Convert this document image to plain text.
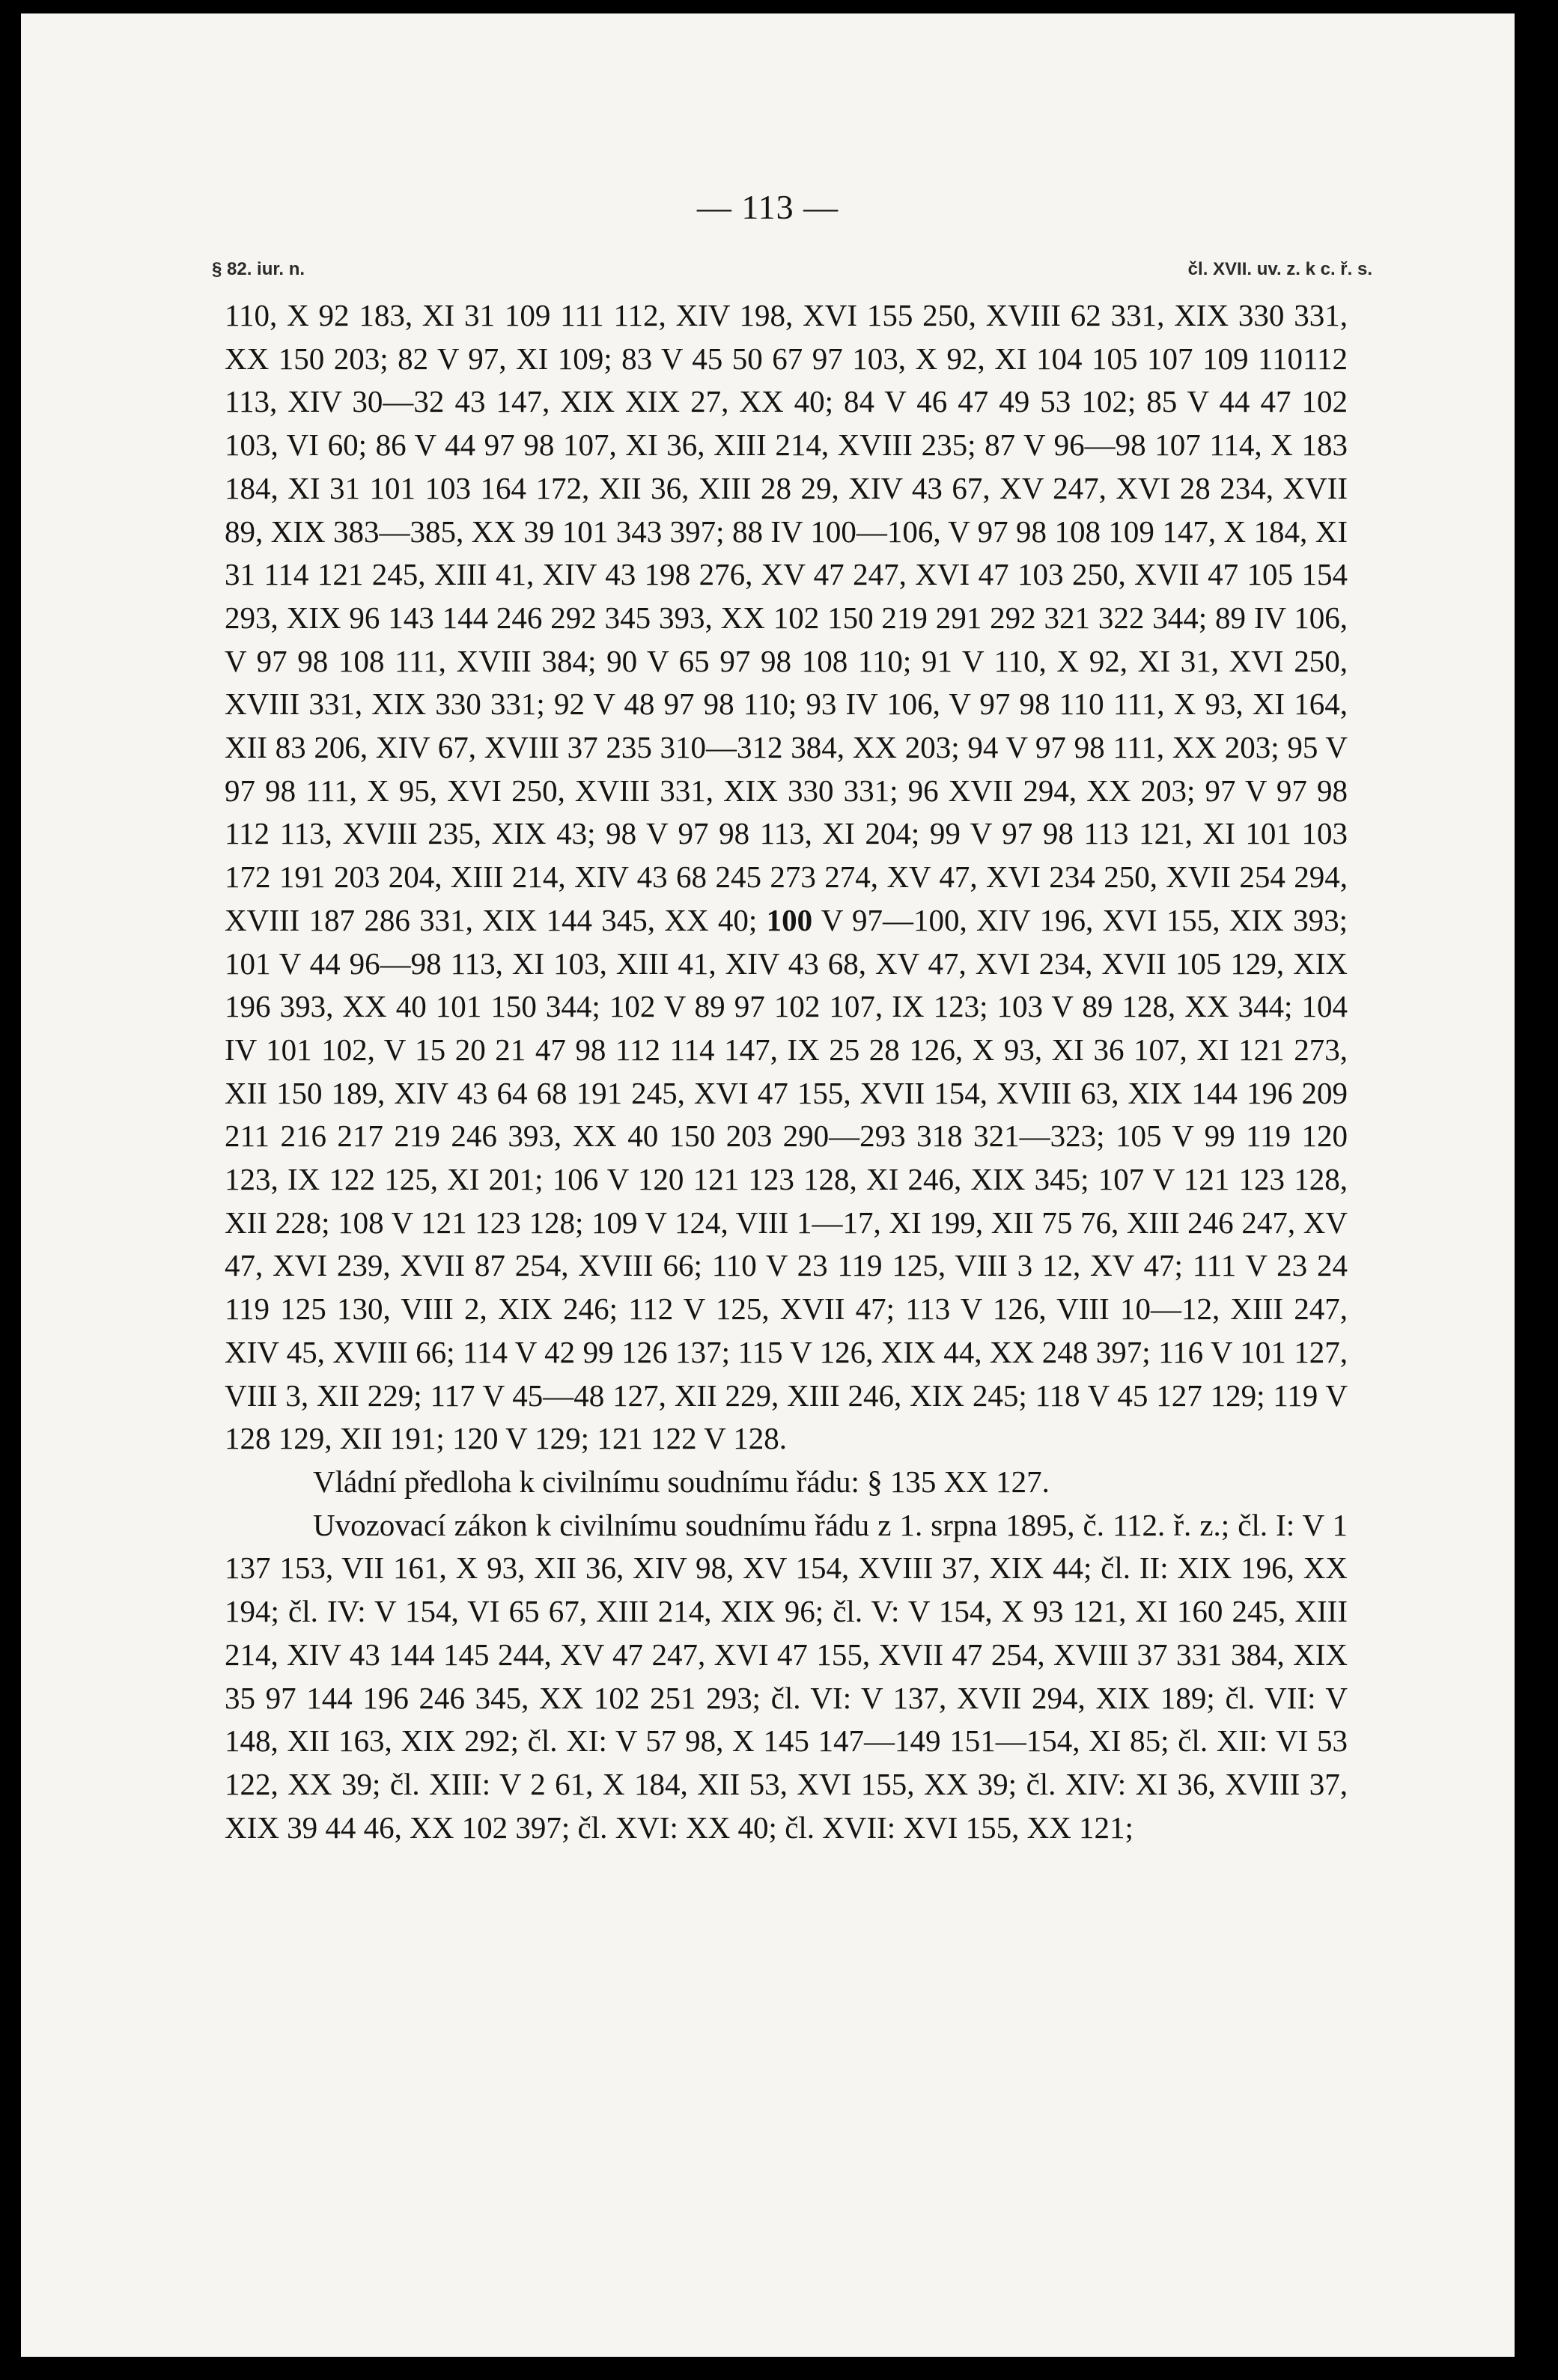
— 113 —
§ 82. iur. n.	čl. XVII. uv. z. k c. ř. s.

110, X 92 183, XI 31 109 111 112, XIV 198, XVI 155 250, XVIII 62 331, XIX 330 331, XX 150 203; 82 V 97, XI 109; 83 V 45 50 67 97 103, X 92, XI 104 105 107 109 110112 113, XIV 30—32 43 147, XIX XIX 27, XX 40; 84 V 46 47 49 53 102; 85 V 44 47 102 103, VI 60; 86 V 44 97 98 107, XI 36, XIII 214, XVIII 235; 87 V 96—98 107 114, X 183 184, XI 31 101 103 164 172, XII 36, XIII 28 29, XIV 43 67, XV 247, XVI 28 234, XVII 89, XIX 383—385, XX 39 101 343 397; 88 IV 100—106, V 97 98 108 109 147, X 184, XI 31 114 121 245, XIII 41, XIV 43 198 276, XV 47 247, XVI 47 103 250, XVII 47 105 154 293, XIX 96 143 144 246 292 345 393, XX 102 150 219 291 292 321 322 344; 89 IV 106, V 97 98 108 111, XVIII 384; 90 V 65 97 98 108 110; 91 V 110, X 92, XI 31, XVI 250, XVIII 331, XIX 330 331; 92 V 48 97 98 110; 93 IV 106, V 97 98 110 111, X 93, XI 164, XII 83 206, XIV 67, XVIII 37 235 310—312 384, XX 203; 94 V 97 98 111, XX 203; 95 V 97 98 111, X 95, XVI 250, XVIII 331, XIX 330 331; 96 XVII 294, XX 203; 97 V 97 98 112 113, XVIII 235, XIX 43; 98 V 97 98 113, XI 204; 99 V 97 98 113 121, XI 101 103 172 191 203 204, XIII 214, XIV 43 68 245 273 274, XV 47, XVI 234 250, XVII 254 294, XVIII 187 286 331, XIX 144 345, XX 40; 100 V 97—100, XIV 196, XVI 155, XIX 393; 101 V 44 96—98 113, XI 103, XIII 41, XIV 43 68, XV 47, XVI 234, XVII 105 129, XIX 196 393, XX 40 101 150 344; 102 V 89 97 102 107, IX 123; 103 V 89 128, XX 344; 104 IV 101 102, V 15 20 21 47 98 112 114 147, IX 25 28 126, X 93, XI 36 107, XI 121 273, XII 150 189, XIV 43 64 68 191 245, XVI 47 155, XVII 154, XVIII 63, XIX 144 196 209 211 216 217 219 246 393, XX 40 150 203 290—293 318 321—323; 105 V 99 119 120 123, IX 122 125, XI 201; 106 V 120 121 123 128, XI 246, XIX 345; 107 V 121 123 128, XII 228; 108 V 121 123 128; 109 V 124, VIII 1—17, XI 199, XII 75 76, XIII 246 247, XV 47, XVI 239, XVII 87 254, XVIII 66; 110 V 23 119 125, VIII 3 12, XV 47; 111 V 23 24 119 125 130, VIII 2, XIX 246; 112 V 125, XVII 47; 113 V 126, VIII 10—12, XIII 247, XIV 45, XVIII 66; 114 V 42 99 126 137; 115 V 126, XIX 44, XX 248 397; 116 V 101 127, VIII 3, XII 229; 117 V 45—48 127, XII 229, XIII 246, XIX 245; 118 V 45 127 129; 119 V 128 129, XII 191; 120 V 129; 121 122 V 128.

Vládní předloha k civilnímu soudnímu řádu: § 135 XX 127.

Uvozovací zákon k civilnímu soudnímu řádu z 1. srpna 1895, č. 112. ř. z.; čl. I: V 1 137 153, VII 161, X 93, XII 36, XIV 98, XV 154, XVIII 37, XIX 44; čl. II: XIX 196, XX 194; čl. IV: V 154, VI 65 67, XIII 214, XIX 96; čl. V: V 154, X 93 121, XI 160 245, XIII 214, XIV 43 144 145 244, XV 47 247, XVI 47 155, XVII 47 254, XVIII 37 331 384, XIX 35 97 144 196 246 345, XX 102 251 293; čl. VI: V 137, XVII 294, XIX 189; čl. VII: V 148, XII 163, XIX 292; čl. XI: V 57 98, X 145 147—149 151—154, XI 85; čl. XII: VI 53 122, XX 39; čl. XIII: V 2 61, X 184, XII 53, XVI 155, XX 39; čl. XIV: XI 36, XVIII 37, XIX 39 44 46, XX 102 397; čl. XVI: XX 40; čl. XVII: XVI 155, XX 121;
